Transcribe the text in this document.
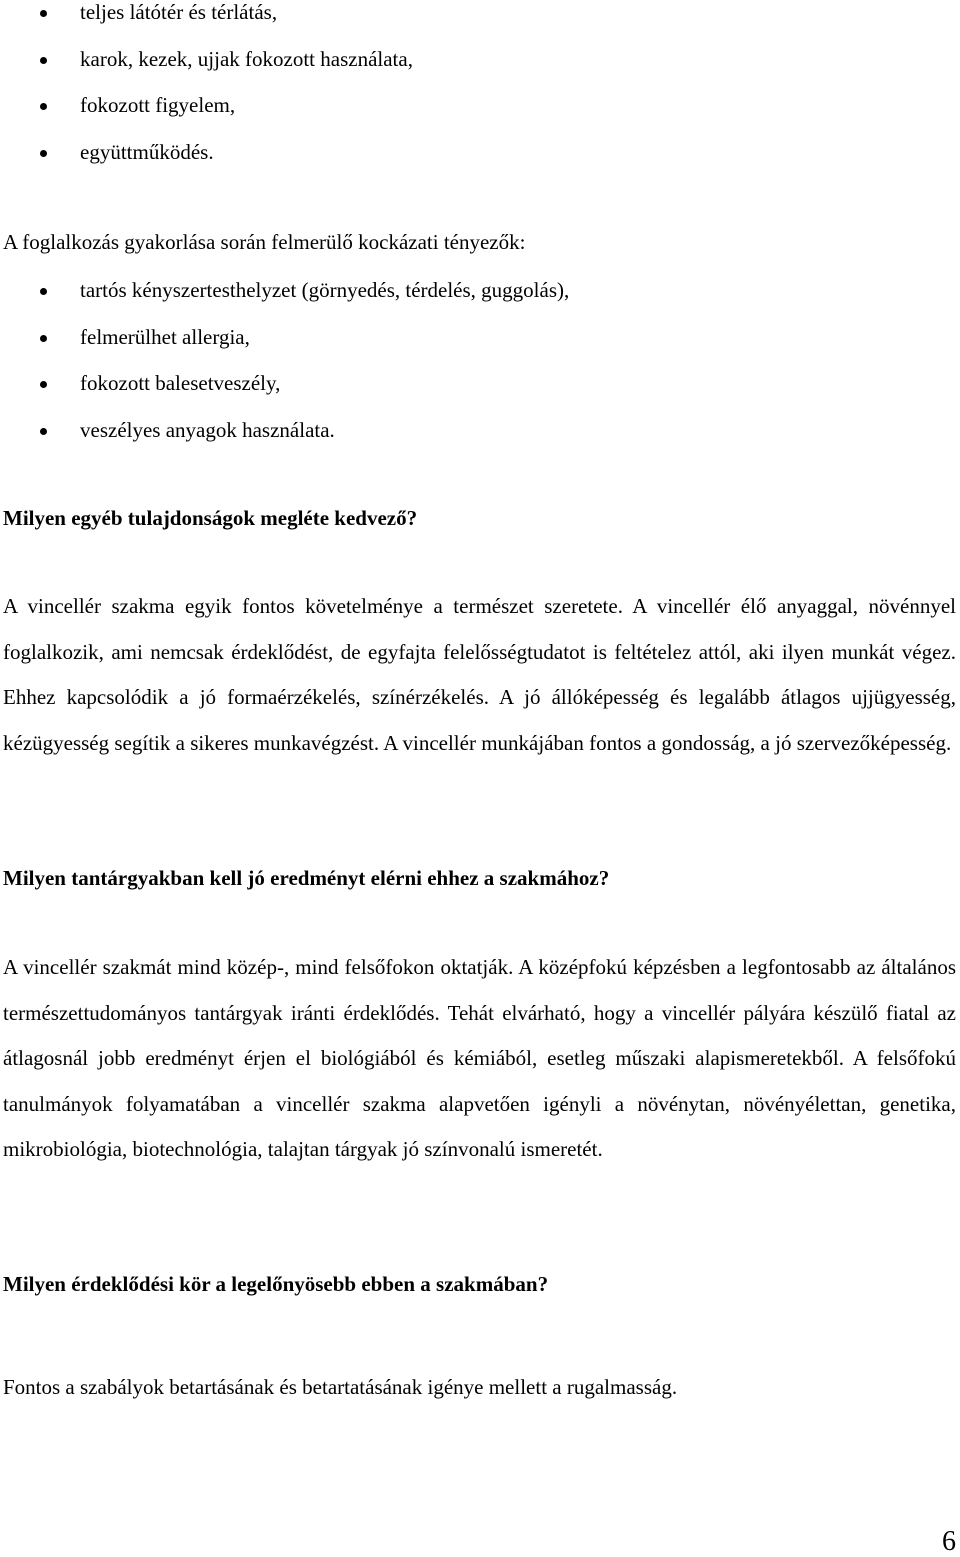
teljes látótér és térlátás,
karok, kezek, ujjak fokozott használata,
fokozott figyelem,
együttműködés.

A foglalkozás gyakorlása során felmerülő kockázati tényezők:

tartós kényszertesthelyzet (görnyedés, térdelés, guggolás),
felmerülhet allergia,
fokozott balesetveszély,
veszélyes anyagok használata.
Milyen egyéb tulajdonságok megléte kedvező?

A vincellér szakma egyik fontos követelménye a természet szeretete. A vincellér élő anyaggal, növénnyel foglalkozik, ami nemcsak érdeklődést, de egyfajta felelősségtudatot is feltételez attól, aki ilyen munkát végez. Ehhez kapcsolódik a jó formaérzékelés, színérzékelés. A jó állóképesség és legalább átlagos ujjügyesség, kézügyesség segítik a sikeres munkavégzést. A vincellér munkájában fontos a gondosság, a jó szervezőképesség.

Milyen tantárgyakban kell jó eredményt elérni ehhez a szakmához?

A vincellér szakmát mind közép-, mind felsőfokon oktatják. A középfokú képzésben a legfontosabb az általános természettudományos tantárgyak iránti érdeklődés. Tehát elvárható, hogy a vincellér pályára készülő fiatal az átlagosnál jobb eredményt érjen el biológiából és kémiából, esetleg műszaki alapismeretekből. A felsőfokú tanulmányok folyamatában a vincellér szakma alapvetően igényli a növénytan, növényélettan, genetika, mikrobiológia, biotechnológia, talajtan tárgyak jó színvonalú ismeretét.

Milyen érdeklődési kör a legelőnyösebb ebben a szakmában?

Fontos a szabályok betartásának és betartatásának igénye mellett a rugalmasság.

6
